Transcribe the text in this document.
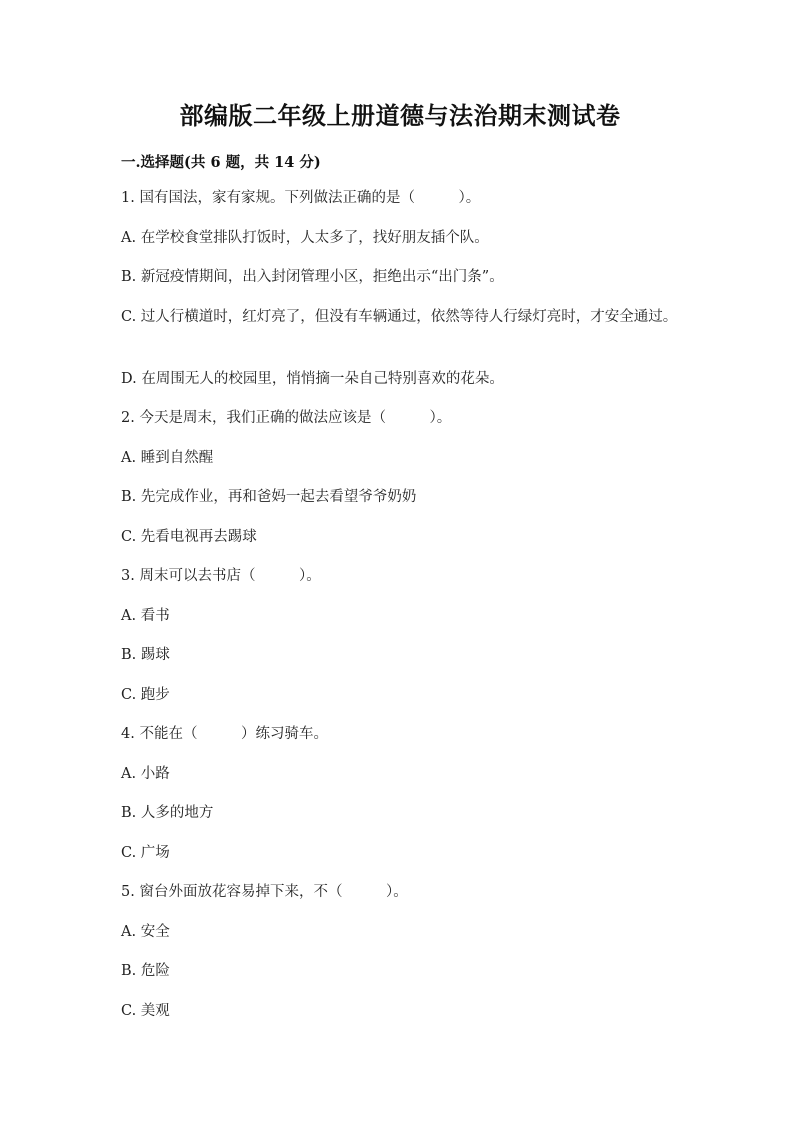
部编版二年级上册道德与法治期末测试卷
一.选择题(共 6 题，共 14 分)
1. 国有国法，家有家规。下列做法正确的是（　　　）。
A. 在学校食堂排队打饭时，人太多了，找好朋友插个队。
B. 新冠疫情期间，出入封闭管理小区，拒绝出示“出门条”。
C. 过人行横道时，红灯亮了，但没有车辆通过，依然等待人行绿灯亮时，才安全通过。
D. 在周围无人的校园里，悄悄摘一朵自己特别喜欢的花朵。
2. 今天是周末，我们正确的做法应该是（　　　）。
A. 睡到自然醒
B. 先完成作业，再和爸妈一起去看望爷爷奶奶
C. 先看电视再去踢球
3. 周末可以去书店（　　　）。
A. 看书
B. 踢球
C. 跑步
4. 不能在（　　　）练习骑车。
A. 小路
B. 人多的地方
C. 广场
5. 窗台外面放花容易掉下来，不（　　　）。
A. 安全
B. 危险
C. 美观
